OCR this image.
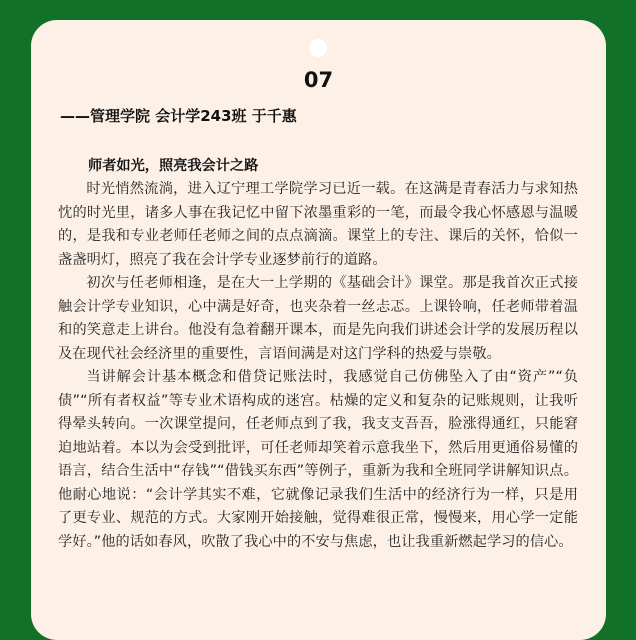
07

——管理学院 会计学243班 于千惠

师者如光，照亮我会计之路

时光悄然流淌，进入辽宁理工学院学习已近一载。在这满是青春活力与求知热忱的时光里，诸多人事在我记忆中留下浓墨重彩的一笔，而最令我心怀感恩与温暖的，是我和专业老师任老师之间的点点滴滴。课堂上的专注、课后的关怀，恰似一盏盏明灯，照亮了我在会计学专业逐梦前行的道路。

初次与任老师相逢，是在大一上学期的《基础会计》课堂。那是我首次正式接触会计学专业知识，心中满是好奇，也夹杂着一丝忐忑。上课铃响，任老师带着温和的笑意走上讲台。他没有急着翻开课本，而是先向我们讲述会计学的发展历程以及在现代社会经济里的重要性，言语间满是对这门学科的热爱与崇敬。

当讲解会计基本概念和借贷记账法时，我感觉自己仿佛坠入了由“资产”“负债”“所有者权益”等专业术语构成的迷宫。枯燥的定义和复杂的记账规则，让我听得晕头转向。一次课堂提问，任老师点到了我，我支支吾吾，脸涨得通红，只能窘迫地站着。本以为会受到批评，可任老师却笑着示意我坐下，然后用更通俗易懂的语言，结合生活中“存钱”“借钱买东西”等例子，重新为我和全班同学讲解知识点。他耐心地说：“会计学其实不难，它就像记录我们生活中的经济行为一样，只是用了更专业、规范的方式。大家刚开始接触，觉得难很正常，慢慢来，用心学一定能学好。”他的话如春风，吹散了我心中的不安与焦虑，也让我重新燃起学习的信心。
